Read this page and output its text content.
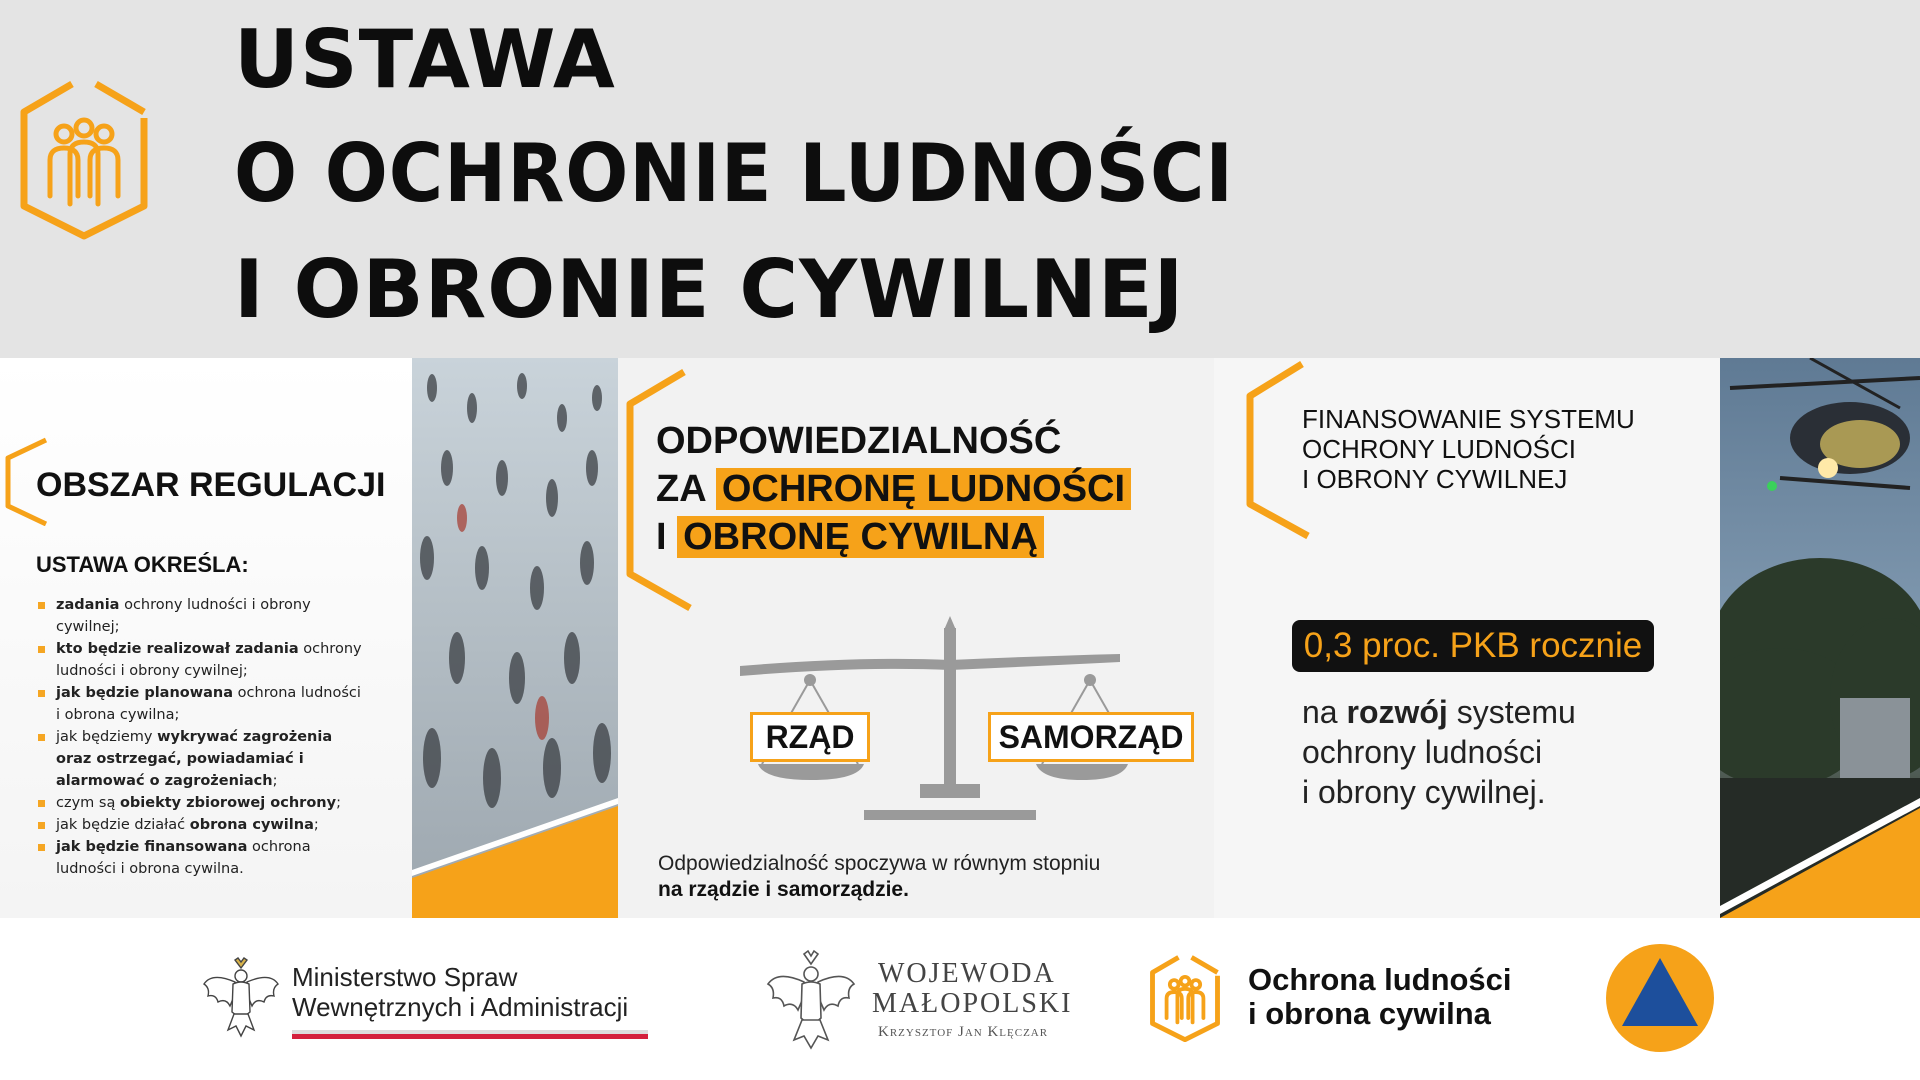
USTAWA
O OCHRONIE LUDNOŚCI
I OBRONIE CYWILNEJ
OBSZAR REGULACJI
USTAWA OKREŚLA:
zadania ochrony ludności i obrony cywilnej;
kto będzie realizował zadania ochrony ludności i obrony cywilnej;
jak będzie planowana ochrona ludności i obrona cywilna;
jak będziemy wykrywać zagrożenia oraz ostrzegać, powiadamiać i alarmować o zagrożeniach;
czym są obiekty zbiorowej ochrony;
jak będzie działać obrona cywilna;
jak będzie finansowana ochrona ludności i obrona cywilna.
ODPOWIEDZIALNOŚĆ
ZA OCHRONĘ LUDNOŚCI
I OBRONĘ CYWILNĄ
RZĄD	SAMORZĄD
Odpowiedzialność spoczywa w równym stopniu
na rządzie i samorządzie.
FINANSOWANIE SYSTEMU
OCHRONY LUDNOŚCI
I OBRONY CYWILNEJ
0,3 proc. PKB rocznie
na rozwój systemu
ochrony ludności
i obrony cywilnej.
Ministerstwo Spraw
Wewnętrznych i Administracji
WOJEWODA
MAŁOPOLSKI
Krzysztof Jan Klęczar
Ochrona ludności
i obrona cywilna
